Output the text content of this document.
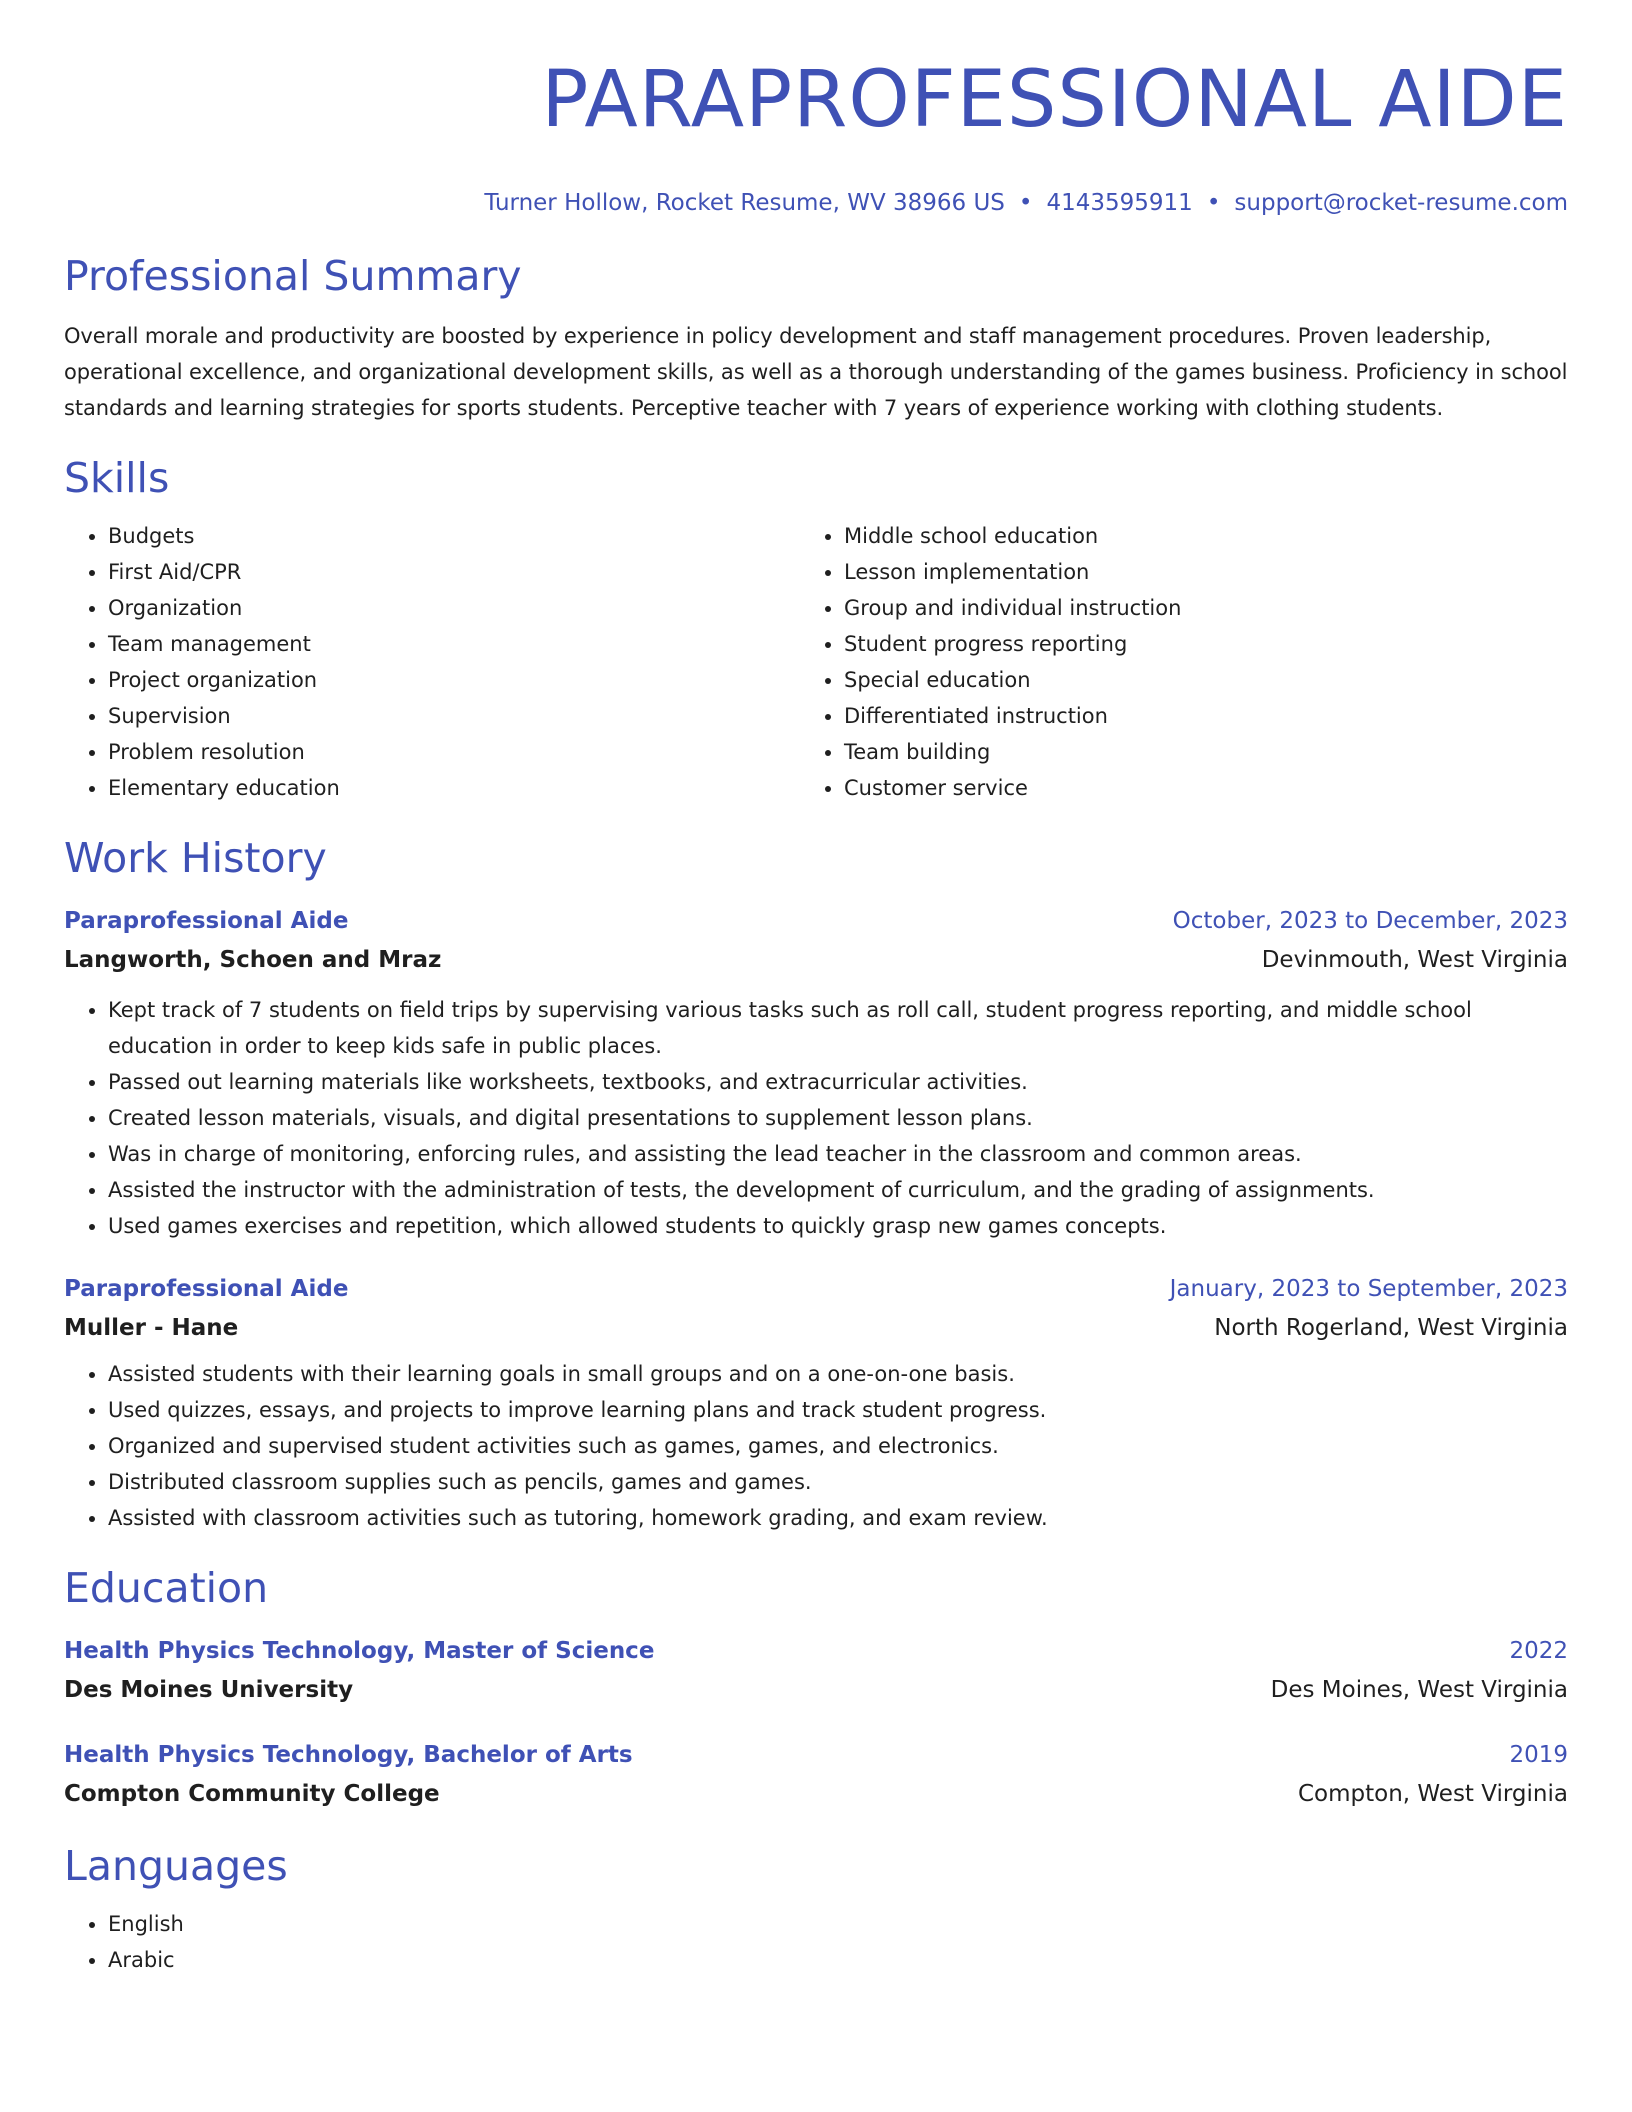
PARAPROFESSIONAL AIDE
Turner Hollow, Rocket Resume, WV 38966 US • 4143595911 • support@rocket-resume.com
Professional Summary
Overall morale and productivity are boosted by experience in policy development and staff management procedures. Proven leadership, operational excellence, and organizational development skills, as well as a thorough understanding of the games business. Proficiency in school standards and learning strategies for sports students. Perceptive teacher with 7 years of experience working with clothing students.
Skills
• Budgets
• First Aid/CPR
• Organization
• Team management
• Project organization
• Supervision
• Problem resolution
• Elementary education
• Middle school education
• Lesson implementation
• Group and individual instruction
• Student progress reporting
• Special education
• Differentiated instruction
• Team building
• Customer service
Work History
Paraprofessional Aide	October, 2023 to December, 2023
Langworth, Schoen and Mraz	Devinmouth, West Virginia
• Kept track of 7 students on field trips by supervising various tasks such as roll call, student progress reporting, and middle school education in order to keep kids safe in public places.
• Passed out learning materials like worksheets, textbooks, and extracurricular activities.
• Created lesson materials, visuals, and digital presentations to supplement lesson plans.
• Was in charge of monitoring, enforcing rules, and assisting the lead teacher in the classroom and common areas.
• Assisted the instructor with the administration of tests, the development of curriculum, and the grading of assignments.
• Used games exercises and repetition, which allowed students to quickly grasp new games concepts.
Paraprofessional Aide	January, 2023 to September, 2023
Muller - Hane	North Rogerland, West Virginia
• Assisted students with their learning goals in small groups and on a one-on-one basis.
• Used quizzes, essays, and projects to improve learning plans and track student progress.
• Organized and supervised student activities such as games, games, and electronics.
• Distributed classroom supplies such as pencils, games and games.
• Assisted with classroom activities such as tutoring, homework grading, and exam review.
Education
Health Physics Technology, Master of Science	2022
Des Moines University	Des Moines, West Virginia
Health Physics Technology, Bachelor of Arts	2019
Compton Community College	Compton, West Virginia
Languages
• English
• Arabic
